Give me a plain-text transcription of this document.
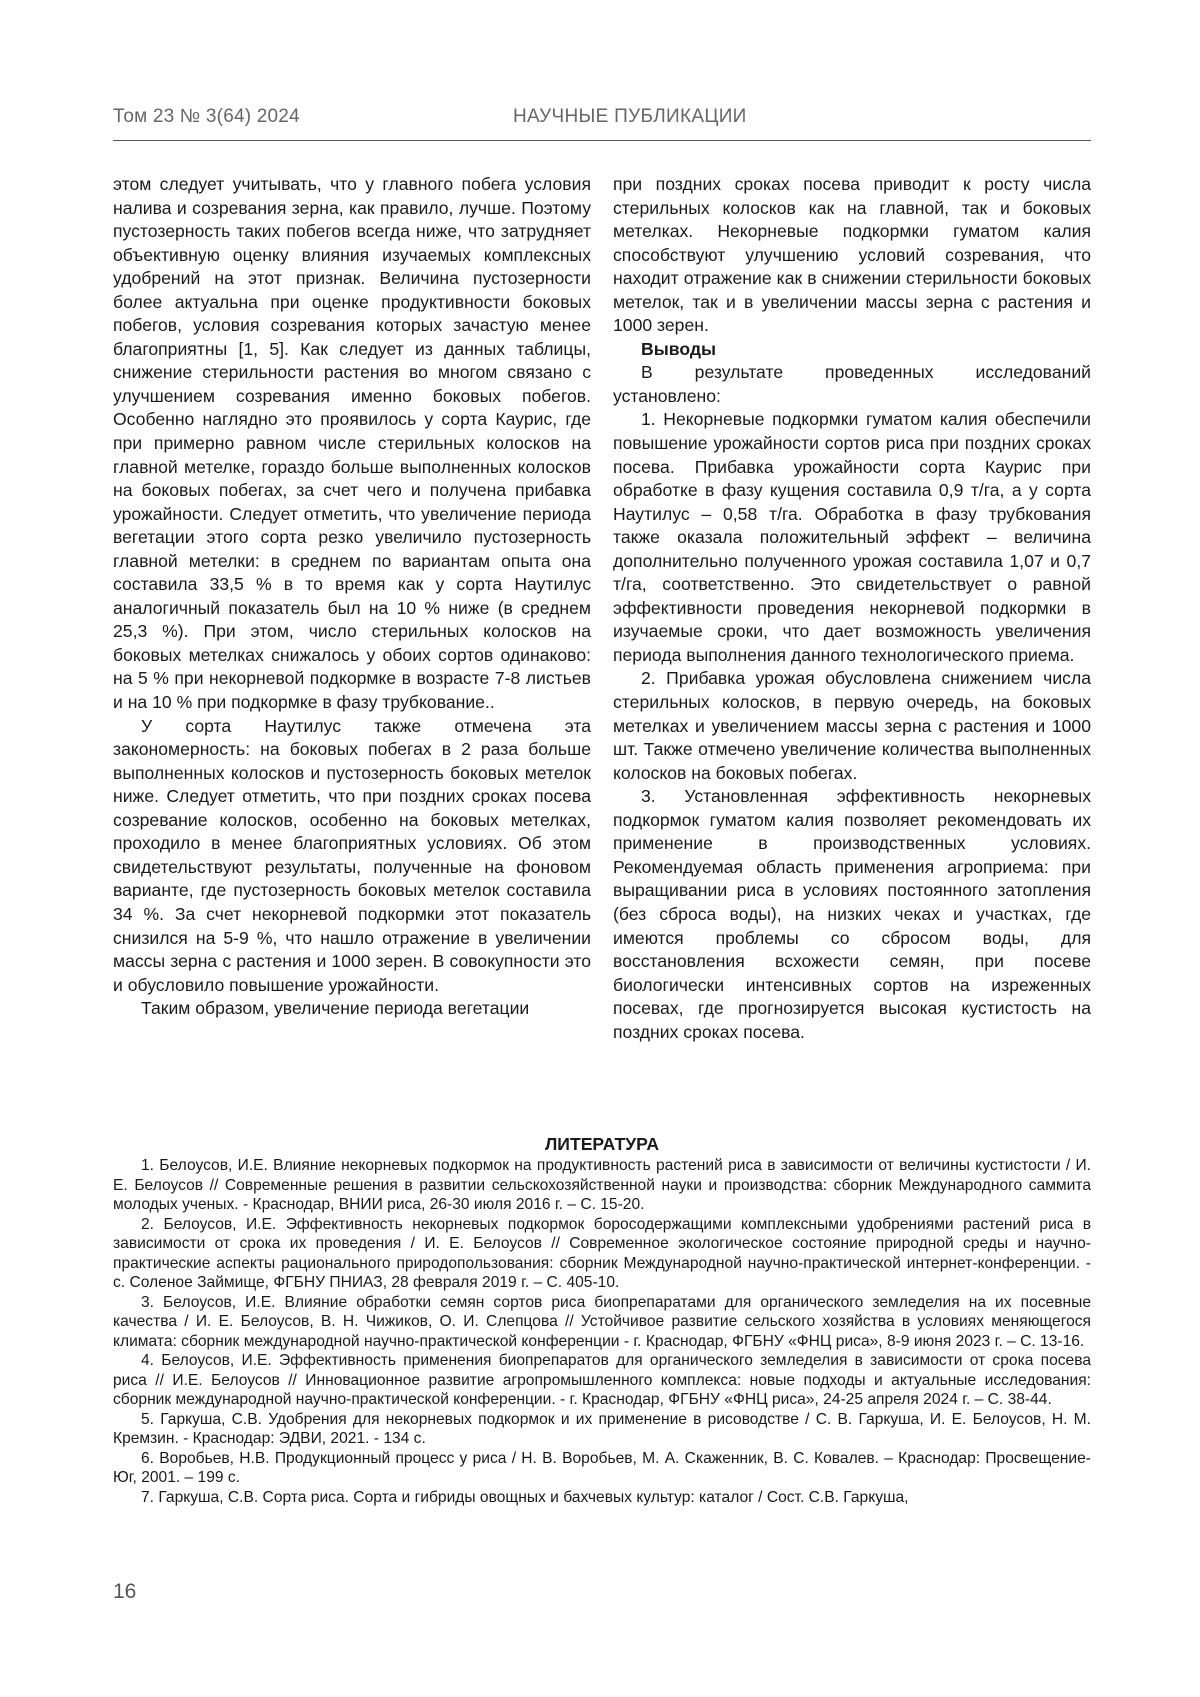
Том 23 № 3(64) 2024	НАУЧНЫЕ ПУБЛИКАЦИИ

этом следует учитывать, что у главного побега условия налива и созревания зерна, как правило, лучше. Поэтому пустозерность таких побегов всегда ниже, что затрудняет объективную оценку влияния изучаемых комплексных удобрений на этот признак. Величина пустозерности более актуальна при оценке продуктивности боковых побегов, условия созревания которых зачастую менее благоприятны [1, 5]. Как следует из данных таблицы, снижение стерильности растения во многом связано с улучшением созревания именно боковых побегов. Особенно наглядно это проявилось у сорта Каурис, где при примерно равном числе стерильных колосков на главной метелке, гораздо больше выполненных колосков на боковых побегах, за счет чего и получена прибавка урожайности. Следует отметить, что увеличение периода вегетации этого сорта резко увеличило пустозерность главной метелки: в среднем по вариантам опыта она составила 33,5 % в то время как у сорта Наутилус аналогичный показатель был на 10 % ниже (в среднем 25,3 %). При этом, число стерильных колосков на боковых метелках снижалось у обоих сортов одинаково: на 5 % при некорневой подкормке в возрасте 7-8 листьев и на 10 % при подкормке в фазу трубкование..

У сорта Наутилус также отмечена эта закономерность: на боковых побегах в 2 раза больше выполненных колосков и пустозерность боковых метелок ниже. Следует отметить, что при поздних сроках посева созревание колосков, особенно на боковых метелках, проходило в менее благоприятных условиях. Об этом свидетельствуют результаты, полученные на фоновом варианте, где пустозерность боковых метелок составила 34 %. За счет некорневой подкормки этот показатель снизился на 5-9 %, что нашло отражение в увеличении массы зерна с растения и 1000 зерен. В совокупности это и обусловило повышение урожайности.

Таким образом, увеличение периода вегетации

при поздних сроках посева приводит к росту числа стерильных колосков как на главной, так и боковых метелках. Некорневые подкормки гуматом калия способствуют улучшению условий созревания, что находит отражение как в снижении стерильности боковых метелок, так и в увеличении массы зерна с растения и 1000 зерен.

Выводы

В результате проведенных исследований установлено:

1. Некорневые подкормки гуматом калия обеспечили повышение урожайности сортов риса при поздних сроках посева. Прибавка урожайности сорта Каурис при обработке в фазу кущения составила 0,9 т/га, а у сорта Наутилус – 0,58 т/га. Обработка в фазу трубкования также оказала положительный эффект – величина дополнительно полученного урожая составила 1,07 и 0,7 т/га, соответственно. Это свидетельствует о равной эффективности проведения некорневой подкормки в изучаемые сроки, что дает возможность увеличения периода выполнения данного технологического приема.

2. Прибавка урожая обусловлена снижением числа стерильных колосков, в первую очередь, на боковых метелках и увеличением массы зерна с растения и 1000 шт. Также отмечено увеличение количества выполненных колосков на боковых побегах.

3. Установленная эффективность некорневых подкормок гуматом калия позволяет рекомендовать их применение в производственных условиях. Рекомендуемая область применения агроприема: при выращивании риса в условиях постоянного затопления (без сброса воды), на низких чеках и участках, где имеются проблемы со сбросом воды, для восстановления всхожести семян, при посеве биологически интенсивных сортов на изреженных посевах, где прогнозируется высокая кустистость на поздних сроках посева.

ЛИТЕРАТУРА

1. Белоусов, И.Е. Влияние некорневых подкормок на продуктивность растений риса в зависимости от величины кустистости / И. Е. Белоусов // Современные решения в развитии сельскохозяйственной науки и производства: сборник Международного саммита молодых ученых. - Краснодар, ВНИИ риса, 26-30 июля 2016 г. – С. 15-20.

2. Белоусов, И.Е. Эффективность некорневых подкормок боросодержащими комплексными удобрениями растений риса в зависимости от срока их проведения / И. Е. Белоусов // Современное экологическое состояние природной среды и научно-практические аспекты рационального природопользования: сборник Международной научно-практической интернет-конференции. - с. Соленое Займище, ФГБНУ ПНИАЗ, 28 февраля 2019 г. – С. 405-10.

3. Белоусов, И.Е. Влияние обработки семян сортов риса биопрепаратами для органического земледелия на их посевные качества / И. Е. Белоусов, В. Н. Чижиков, О. И. Слепцова // Устойчивое развитие сельского хозяйства в условиях меняющегося климата: сборник международной научно-практической конференции - г. Краснодар, ФГБНУ «ФНЦ риса», 8-9 июня 2023 г. – С. 13-16.

4. Белоусов, И.Е. Эффективность применения биопрепаратов для органического земледелия в зависимости от срока посева риса // И.Е. Белоусов // Инновационное развитие агропромышленного комплекса: новые подходы и актуальные исследования: сборник международной научно-практической конференции. - г. Краснодар, ФГБНУ «ФНЦ риса», 24-25 апреля 2024 г. – С. 38-44.

5. Гаркуша, С.В. Удобрения для некорневых подкормок и их применение в рисоводстве / С. В. Гаркуша, И. Е. Белоусов, Н. М. Кремзин. - Краснодар: ЭДВИ, 2021. - 134 с.

6. Воробьев, Н.В. Продукционный процесс у риса / Н. В. Воробьев, М. А. Скаженник, В. С. Ковалев. – Краснодар: Просвещение-Юг, 2001. – 199 с.

7. Гаркуша, С.В. Сорта риса. Сорта и гибриды овощных и бахчевых культур: каталог / Сост. С.В. Гаркуша,

16
